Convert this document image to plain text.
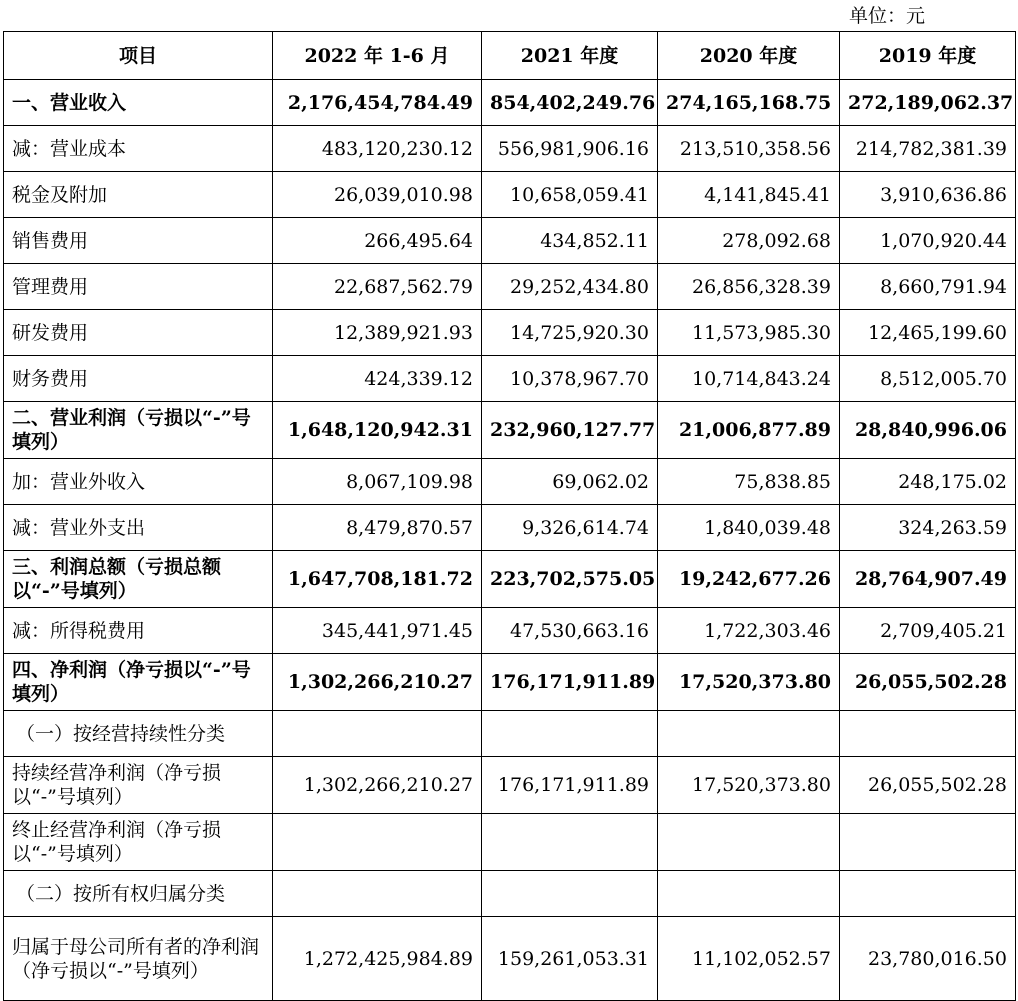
单位：元
项目	2022 年 1-6 月	2021 年度	2020 年度	2019 年度
一、营业收入	2,176,454,784.49	854,402,249.76	274,165,168.75	272,189,062.37
减：营业成本	483,120,230.12	556,981,906.16	213,510,358.56	214,782,381.39
税金及附加	26,039,010.98	10,658,059.41	4,141,845.41	3,910,636.86
销售费用	266,495.64	434,852.11	278,092.68	1,070,920.44
管理费用	22,687,562.79	29,252,434.80	26,856,328.39	8,660,791.94
研发费用	12,389,921.93	14,725,920.30	11,573,985.30	12,465,199.60
财务费用	424,339.12	10,378,967.70	10,714,843.24	8,512,005.70
二、营业利润（亏损以“-”号填列）	1,648,120,942.31	232,960,127.77	21,006,877.89	28,840,996.06
加：营业外收入	8,067,109.98	69,062.02	75,838.85	248,175.02
减：营业外支出	8,479,870.57	9,326,614.74	1,840,039.48	324,263.59
三、利润总额（亏损总额以“-”号填列）	1,647,708,181.72	223,702,575.05	19,242,677.26	28,764,907.49
减：所得税费用	345,441,971.45	47,530,663.16	1,722,303.46	2,709,405.21
四、净利润（净亏损以“-”号填列）	1,302,266,210.27	176,171,911.89	17,520,373.80	26,055,502.28
（一）按经营持续性分类				
持续经营净利润（净亏损以“-”号填列）	1,302,266,210.27	176,171,911.89	17,520,373.80	26,055,502.28
终止经营净利润（净亏损以“-”号填列）				
（二）按所有权归属分类				
归属于母公司所有者的净利润（净亏损以“-”号填列）	1,272,425,984.89	159,261,053.31	11,102,052.57	23,780,016.50
